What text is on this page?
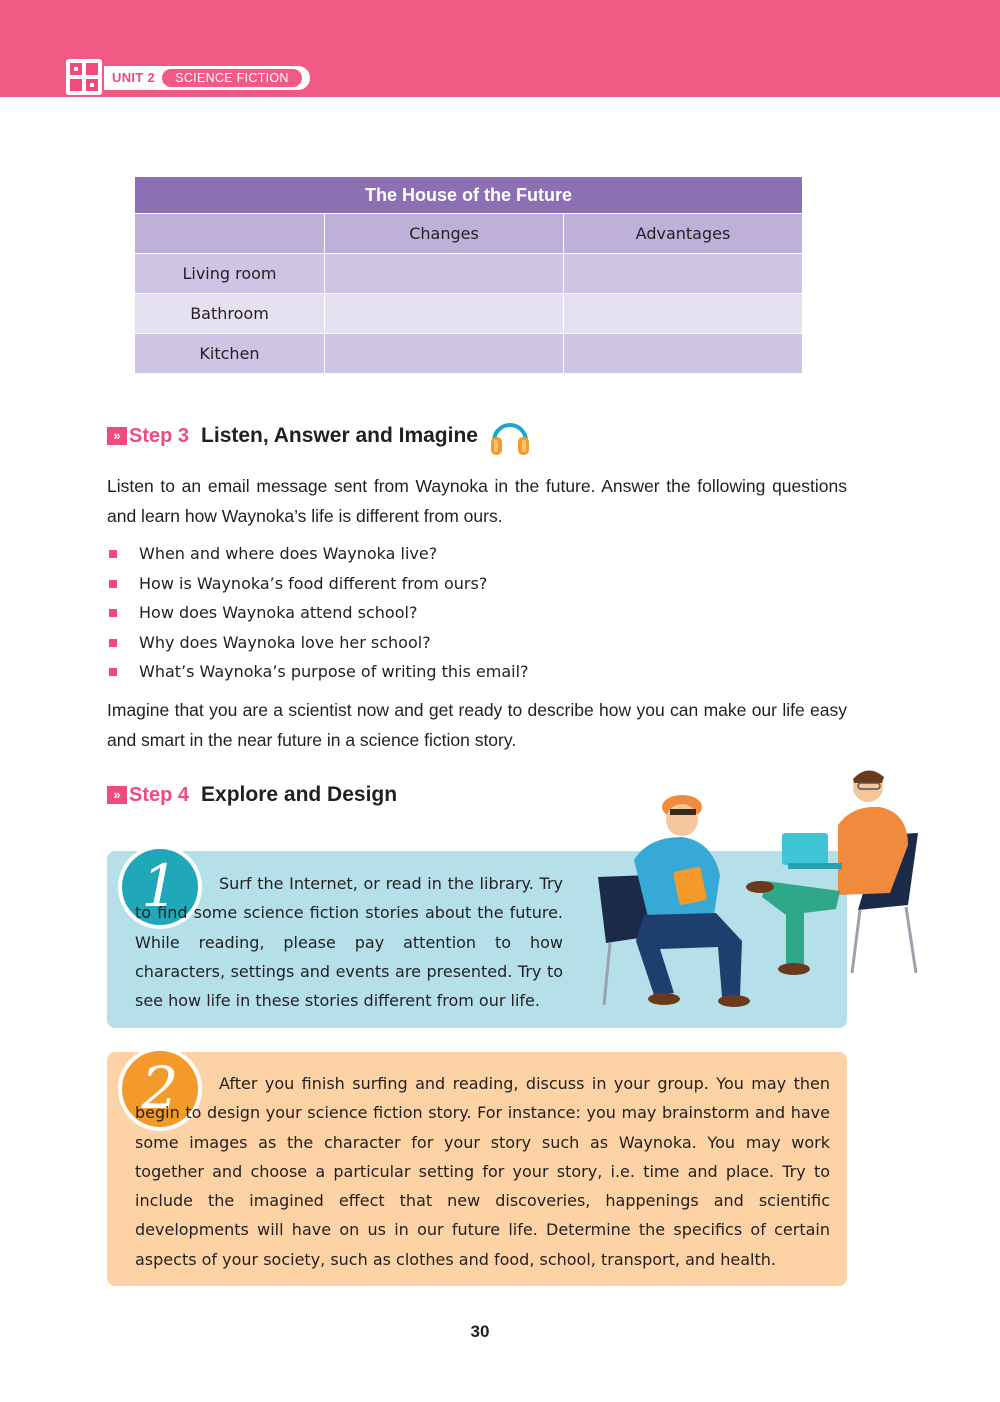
UNIT 2	SCIENCE FICTION
The House of the Future		
	Changes	Advantages
Living room		
Bathroom		
Kitchen		
» Step 3 Listen, Answer and Imagine
Listen to an email message sent from Waynoka in the future. Answer the following questions and learn how Waynoka’s life is different from ours.
When and where does Waynoka live?
How is Waynoka’s food different from ours?
How does Waynoka attend school?
Why does Waynoka love her school?
What’s Waynoka’s purpose of writing this email?
Imagine that you are a scientist now and get ready to describe how you can make our life easy and smart in the near future in a science fiction story.
» Step 4 Explore and Design
1	Surf the Internet, or read in the library. Try to find some science fiction stories about the future. While reading, please pay attention to how characters, settings and events are presented. Try to see how life in these stories different from our life.
2	After you finish surfing and reading, discuss in your group. You may then begin to design your science fiction story. For instance: you may brainstorm and have some images as the character for your story such as Waynoka. You may work together and choose a particular setting for your story, i.e. time and place. Try to include the imagined effect that new discoveries, happenings and scientific developments will have on us in our future life. Determine the specifics of certain aspects of your society, such as clothes and food, school, transport, and health.
30
